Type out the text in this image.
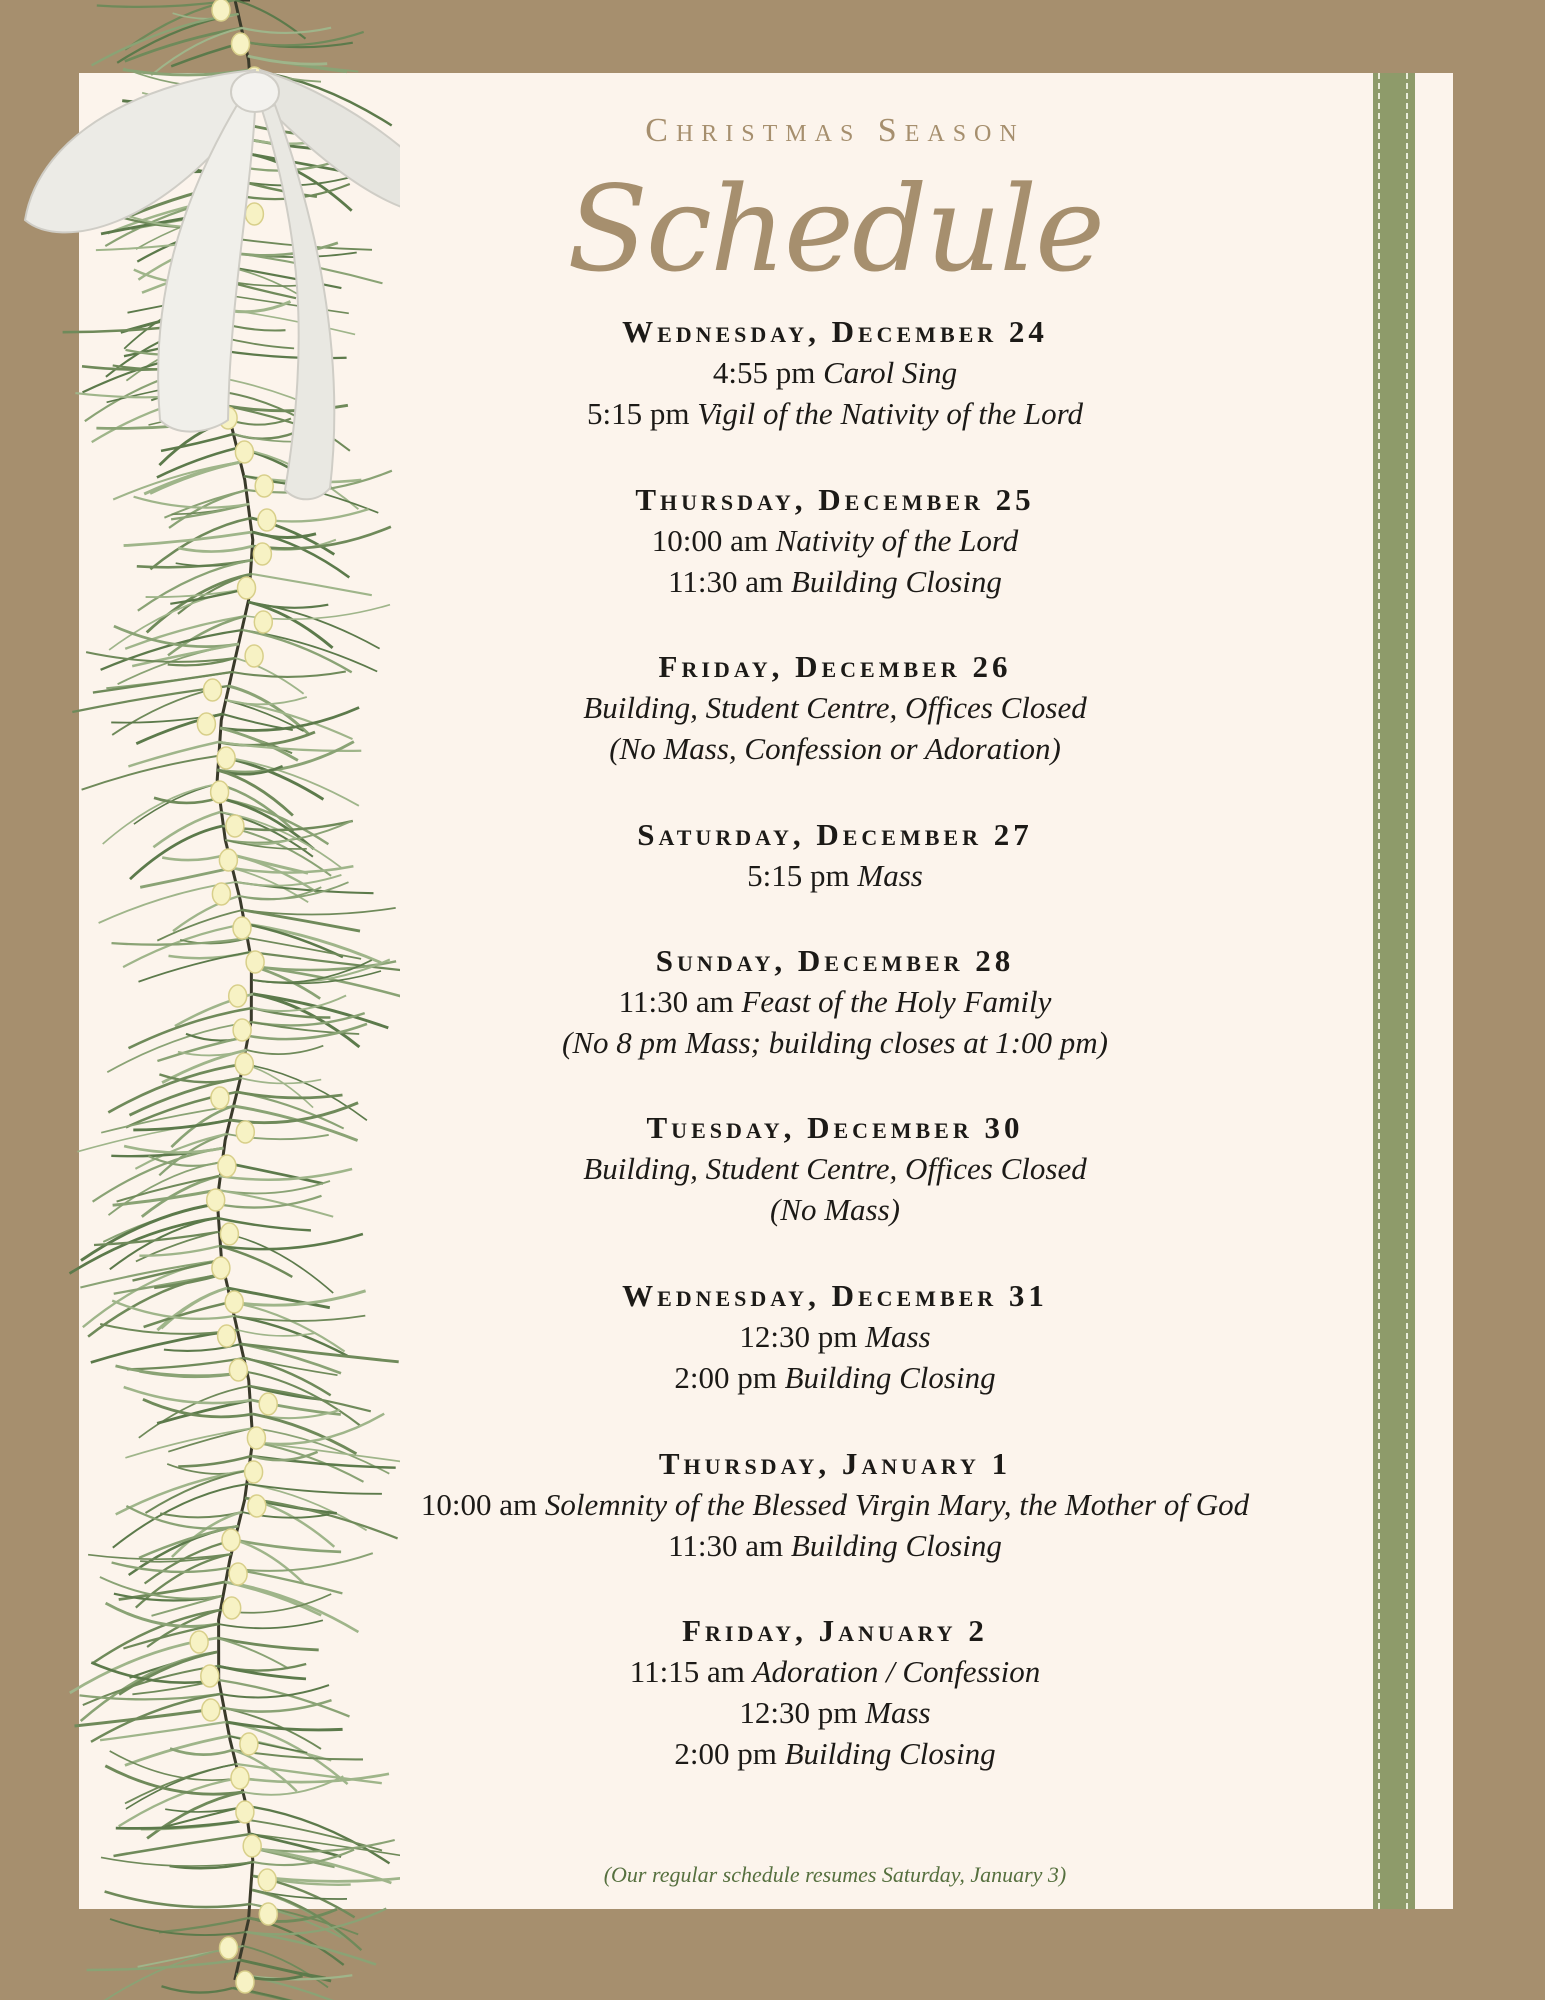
Christmas Season
Schedule
Wednesday, December 24
4:55 pm Carol Sing
5:15 pm Vigil of the Nativity of the Lord
Thursday, December 25
10:00 am Nativity of the Lord
11:30 am Building Closing
Friday, December 26
Building, Student Centre, Offices Closed
(No Mass, Confession or Adoration)
Saturday, December 27
5:15 pm Mass
Sunday, December 28
11:30 am Feast of the Holy Family
(No 8 pm Mass; building closes at 1:00 pm)
Tuesday, December 30
Building, Student Centre, Offices Closed
(No Mass)
Wednesday, December 31
12:30 pm Mass
2:00 pm Building Closing
Thursday, January 1
10:00 am Solemnity of the Blessed Virgin Mary, the Mother of God
11:30 am Building Closing
Friday, January 2
11:15 am Adoration / Confession
12:30 pm Mass
2:00 pm Building Closing
(Our regular schedule resumes Saturday, January 3)
